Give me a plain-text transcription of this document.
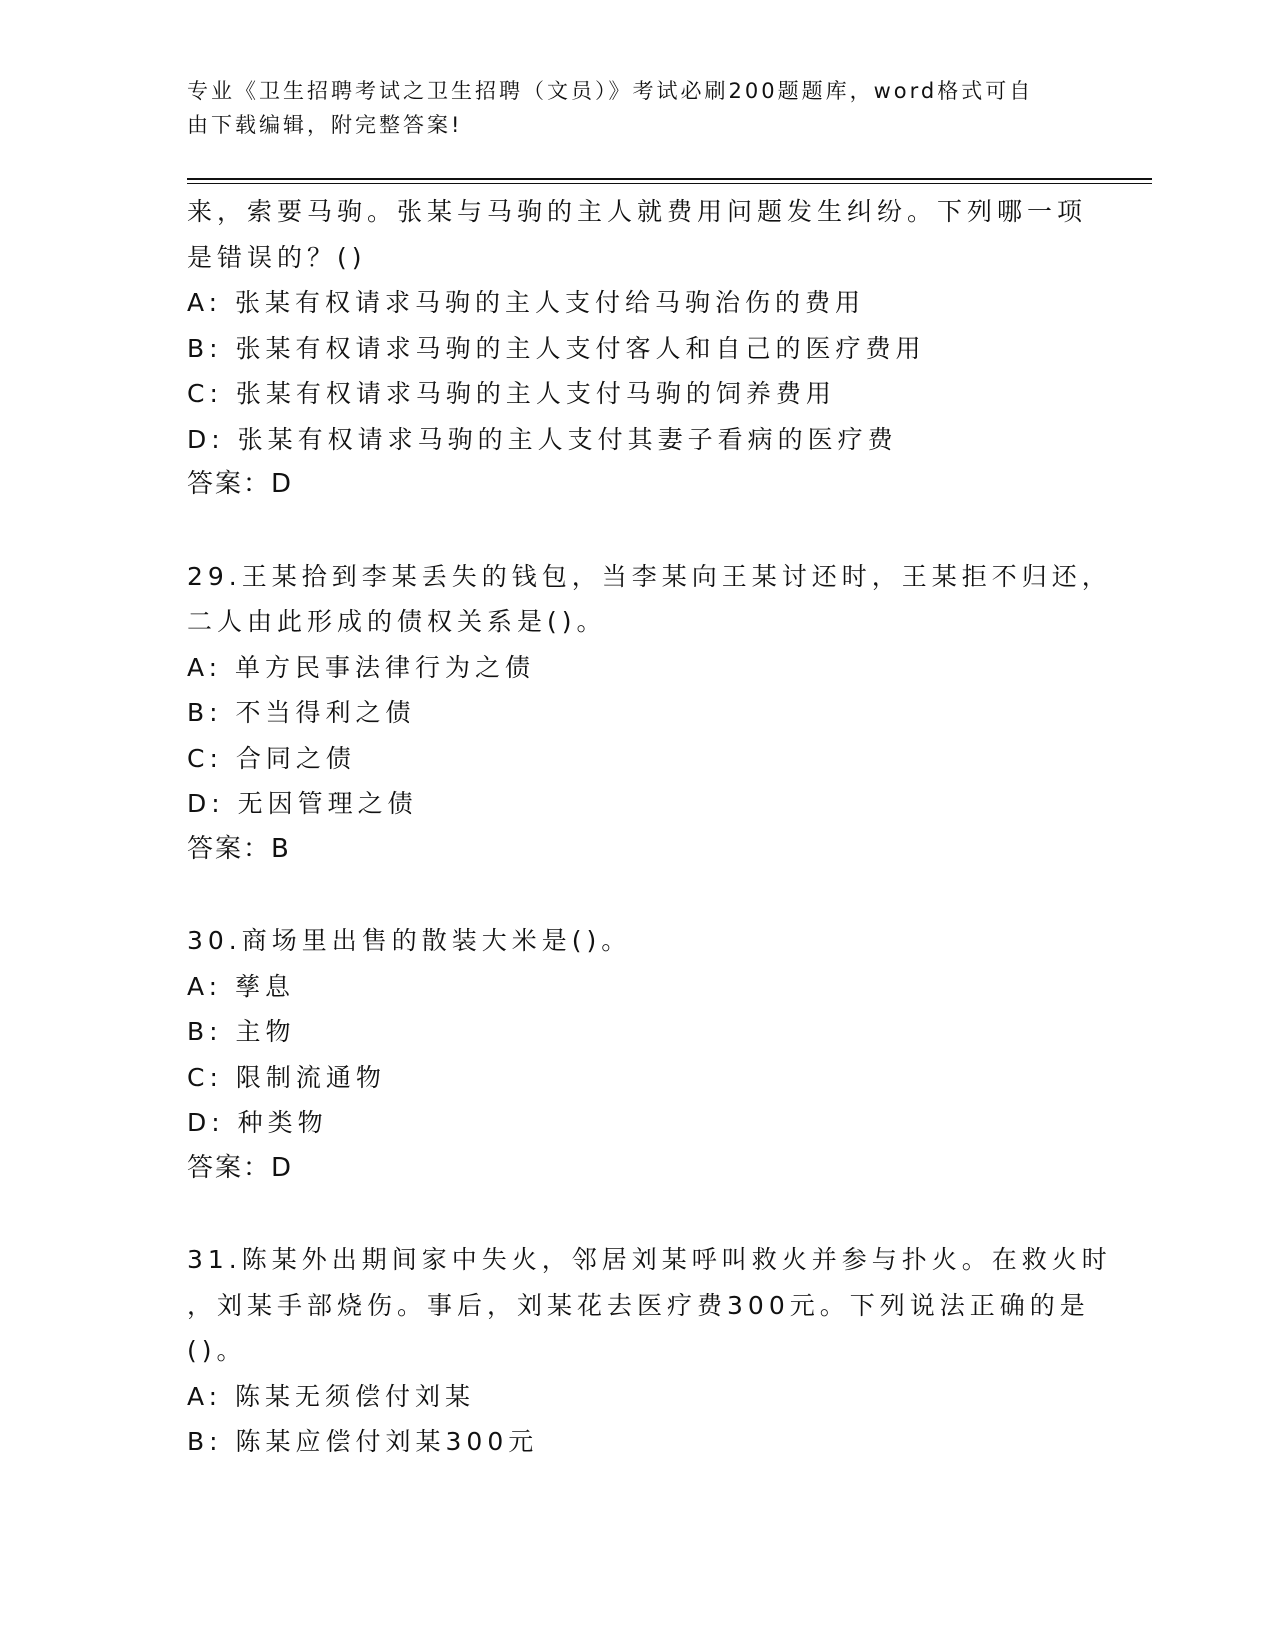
专业《卫生招聘考试之卫生招聘（文员）》考试必刷200题题库，word格式可自
由下载编辑，附完整答案!
来，索要马驹。张某与马驹的主人就费用问题发生纠纷。下列哪一项
是错误的？()
A: 张某有权请求马驹的主人支付给马驹治伤的费用
B: 张某有权请求马驹的主人支付客人和自己的医疗费用
C: 张某有权请求马驹的主人支付马驹的饲养费用
D: 张某有权请求马驹的主人支付其妻子看病的医疗费
答案：D
29.王某拾到李某丢失的钱包，当李某向王某讨还时，王某拒不归还，
二人由此形成的债权关系是()。
A: 单方民事法律行为之债
B: 不当得利之债
C: 合同之债
D: 无因管理之债
答案：B
30.商场里出售的散装大米是()。
A: 孳息
B: 主物
C: 限制流通物
D: 种类物
答案：D
31.陈某外出期间家中失火，邻居刘某呼叫救火并参与扑火。在救火时
，刘某手部烧伤。事后，刘某花去医疗费300元。下列说法正确的是
()。
A: 陈某无须偿付刘某
B: 陈某应偿付刘某300元
